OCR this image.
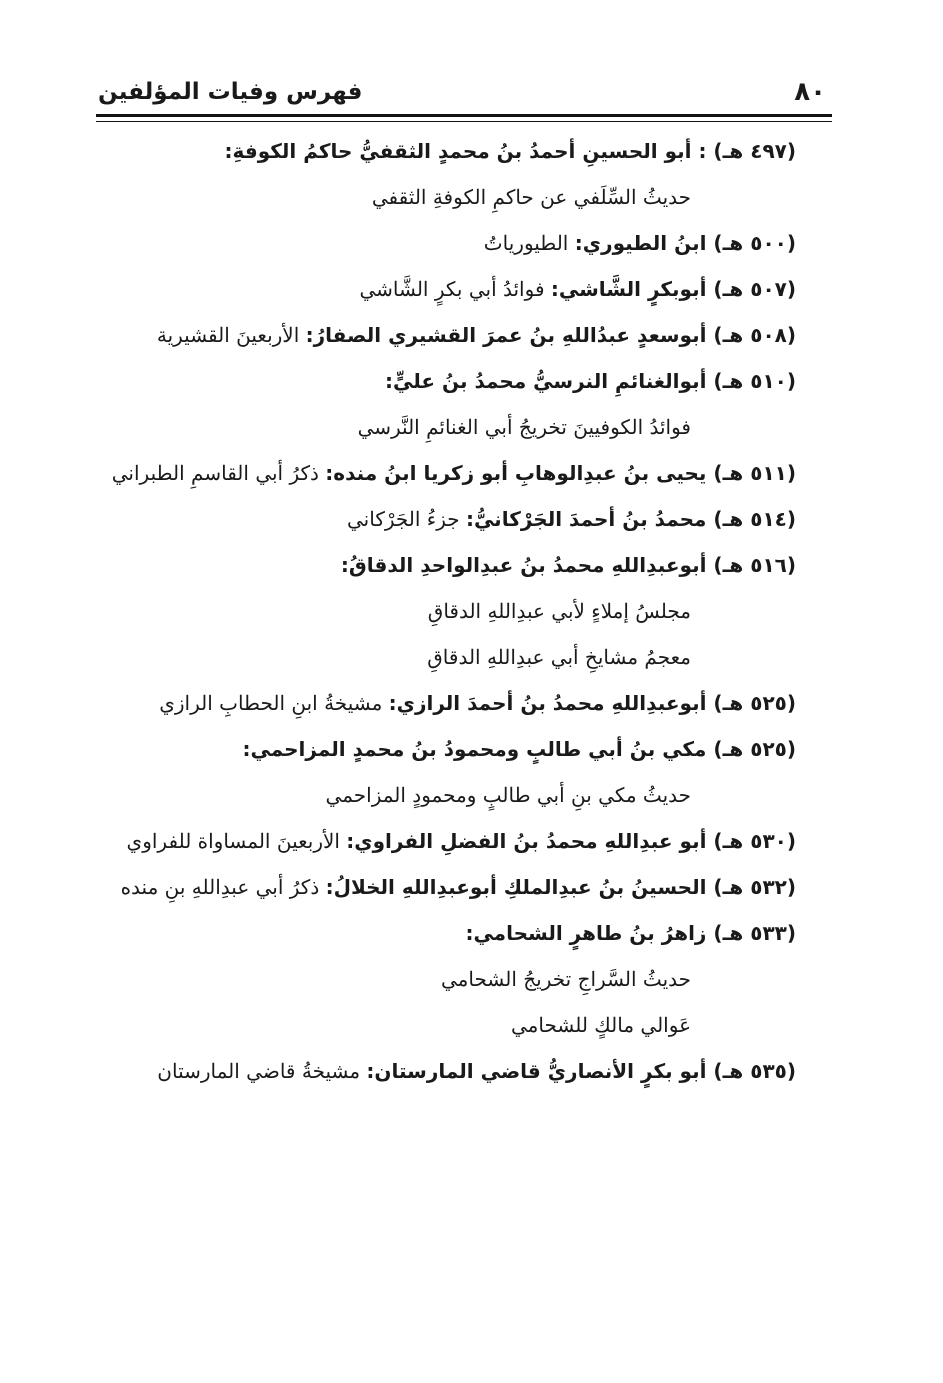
٨٠
فهرس وفيات المؤلفين
(٤٩٧ هـ) : أبو الحسينِ أحمدُ بنُ محمدٍ الثقفيُّ حاكمُ الكوفةِ:
حديثُ السِّلَفي عن حاكمِ الكوفةِ الثقفي
(٥٠٠ هـ) ابنُ الطيوري: الطيورياتُ
(٥٠٧ هـ) أبوبكرٍ الشَّاشي: فوائدُ أبي بكرٍ الشَّاشي
(٥٠٨ هـ) أبوسعدٍ عبدُاللهِ بنُ عمرَ القشيري الصفارُ: الأربعينَ القشيرية
(٥١٠ هـ) أبوالغنائمِ النرسيُّ محمدُ بنُ عليٍّ:
فوائدُ الكوفيينَ تخريجُ أبي الغنائمِ النَّرسي
(٥١١ هـ) يحيى بنُ عبدِالوهابِ أبو زكريا ابنُ منده: ذكرُ أبي القاسمِ الطبراني
(٥١٤ هـ) محمدُ بنُ أحمدَ الجَرْكانيُّ: جزءُ الجَرْكاني
(٥١٦ هـ) أبوعبدِاللهِ محمدُ بنُ عبدِالواحدِ الدقاقُ:
مجلسُ إملاءٍ لأبي عبدِاللهِ الدقاقِ
معجمُ مشايخِ أبي عبدِاللهِ الدقاقِ
(٥٢٥ هـ) أبوعبدِاللهِ محمدُ بنُ أحمدَ الرازي: مشيخةُ ابنِ الحطابِ الرازي
(٥٢٥ هـ) مكي بنُ أبي طالبٍ ومحمودُ بنُ محمدٍ المزاحمي:
حديثُ مكي بنِ أبي طالبٍ ومحمودٍ المزاحمي
(٥٣٠ هـ) أبو عبدِاللهِ محمدُ بنُ الفضلِ الفراوي: الأربعينَ المساواة للفراوي
(٥٣٢ هـ) الحسينُ بنُ عبدِالملكِ أبوعبدِاللهِ الخلالُ: ذكرُ أبي عبدِاللهِ بنِ منده
(٥٣٣ هـ) زاهرُ بنُ طاهرٍ الشحامي:
حديثُ السَّراجِ تخريجُ الشحامي
عَوالي مالكٍ للشحامي
(٥٣٥ هـ) أبو بكرٍ الأنصاريُّ قاضي المارستان: مشيخةُ قاضي المارستان
